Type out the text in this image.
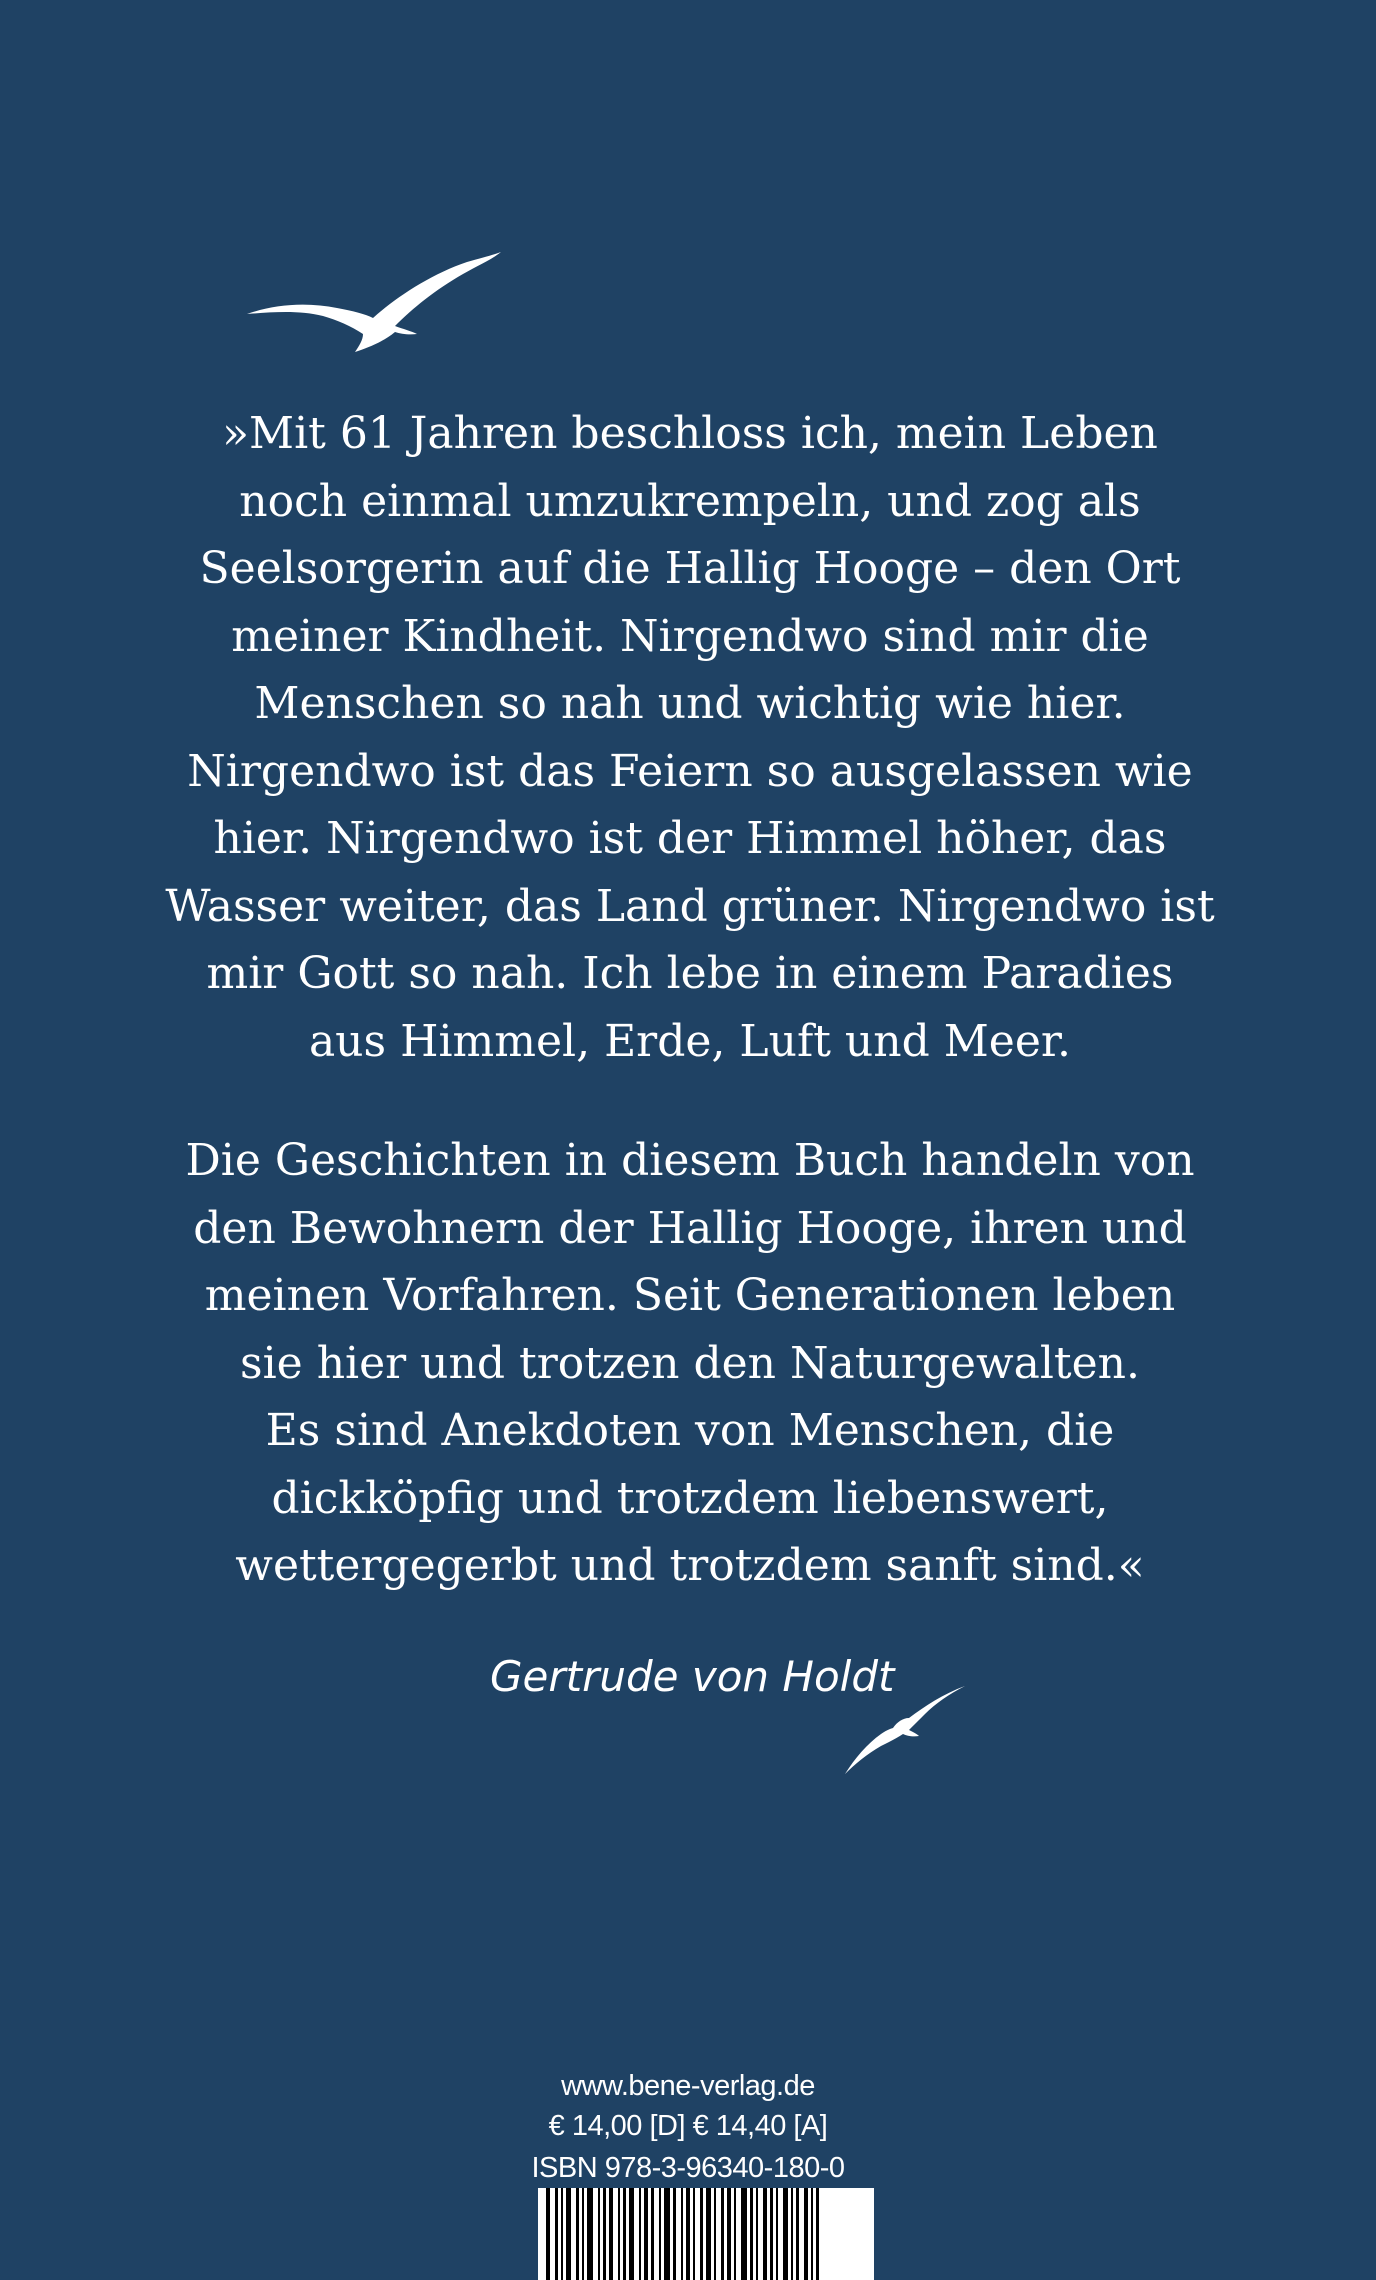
»Mit 61 Jahren beschloss ich, mein Leben
noch einmal umzukrempeln, und zog als
Seelsorgerin auf die Hallig Hooge – den Ort
meiner Kindheit. Nirgendwo sind mir die
Menschen so nah und wichtig wie hier.
Nirgendwo ist das Feiern so ausgelassen wie
hier. Nirgendwo ist der Himmel höher, das
Wasser weiter, das Land grüner. Nirgendwo ist
mir Gott so nah. Ich lebe in einem Paradies
aus Himmel, Erde, Luft und Meer.
Die Geschichten in diesem Buch handeln von
den Bewohnern der Hallig Hooge, ihren und
meinen Vorfahren. Seit Generationen leben
sie hier und trotzen den Naturgewalten.
Es sind Anekdoten von Menschen, die
dickköpfig und trotzdem liebenswert,
wettergegerbt und trotzdem sanft sind.«
Gertrude von Holdt
www.bene-verlag.de
€ 14,00 [D] € 14,40 [A]
ISBN 978-3-96340-180-0
